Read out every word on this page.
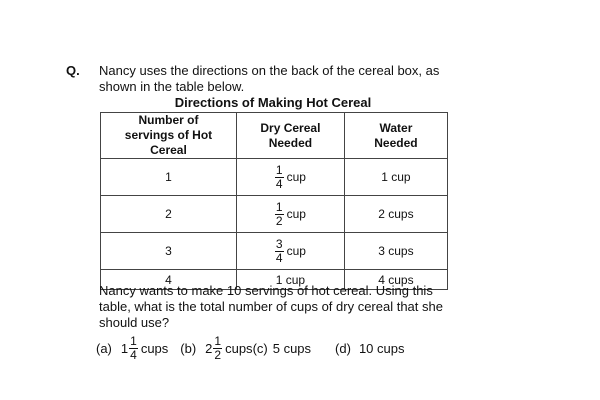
Q. Nancy uses the directions on the back of the cereal box, as shown in the table below.
Directions of Making Hot Cereal
Number of servings of Hot Cereal	Dry Cereal Needed	Water Needed
1	$\frac{1}{4}$ cup	1 cup
2	$\frac{1}{2}$ cup	2 cups
3	$\frac{3}{4}$ cup	3 cups
4	1 cup	4 cups
Nancy wants to make 10 servings of hot cereal. Using this table, what is the total number of cups of dry cereal that she should use?
(a) $1 \frac{1}{4}$ cups (b) $2 \frac{1}{2}$ cups (c) 5 cups (d) 10 cups
